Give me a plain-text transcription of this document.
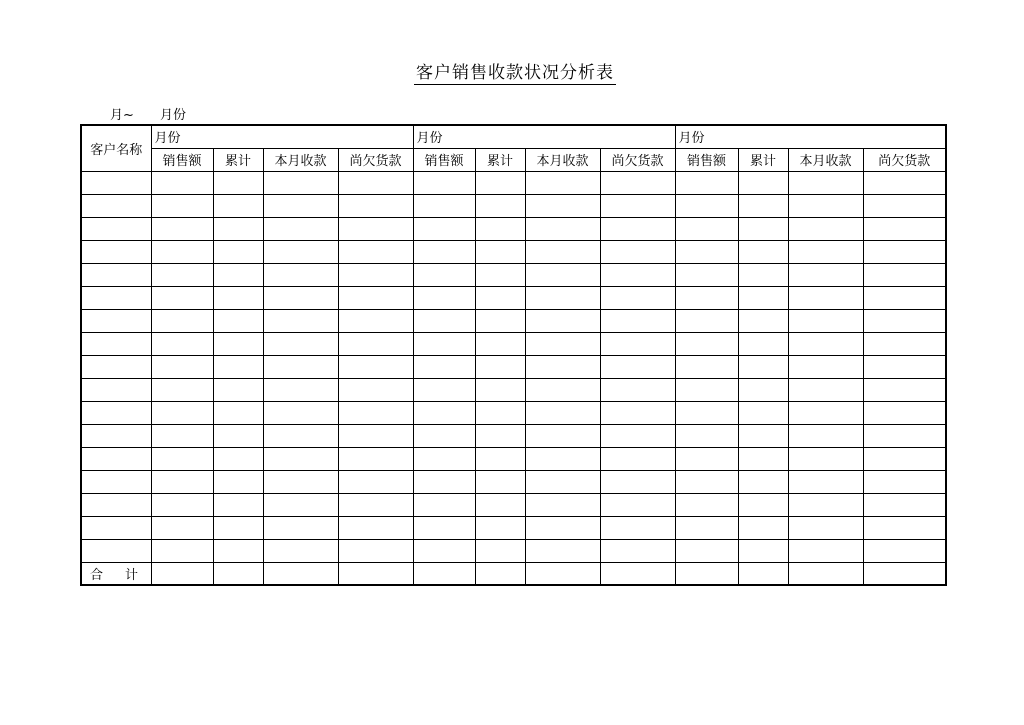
客户销售收款状况分析表
月~ 月份
客户名称	月份				月份				月份			
	销售额	累计	本月收款	尚欠货款	销售额	累计	本月收款	尚欠货款	销售额	累计	本月收款	尚欠货款

合计												
